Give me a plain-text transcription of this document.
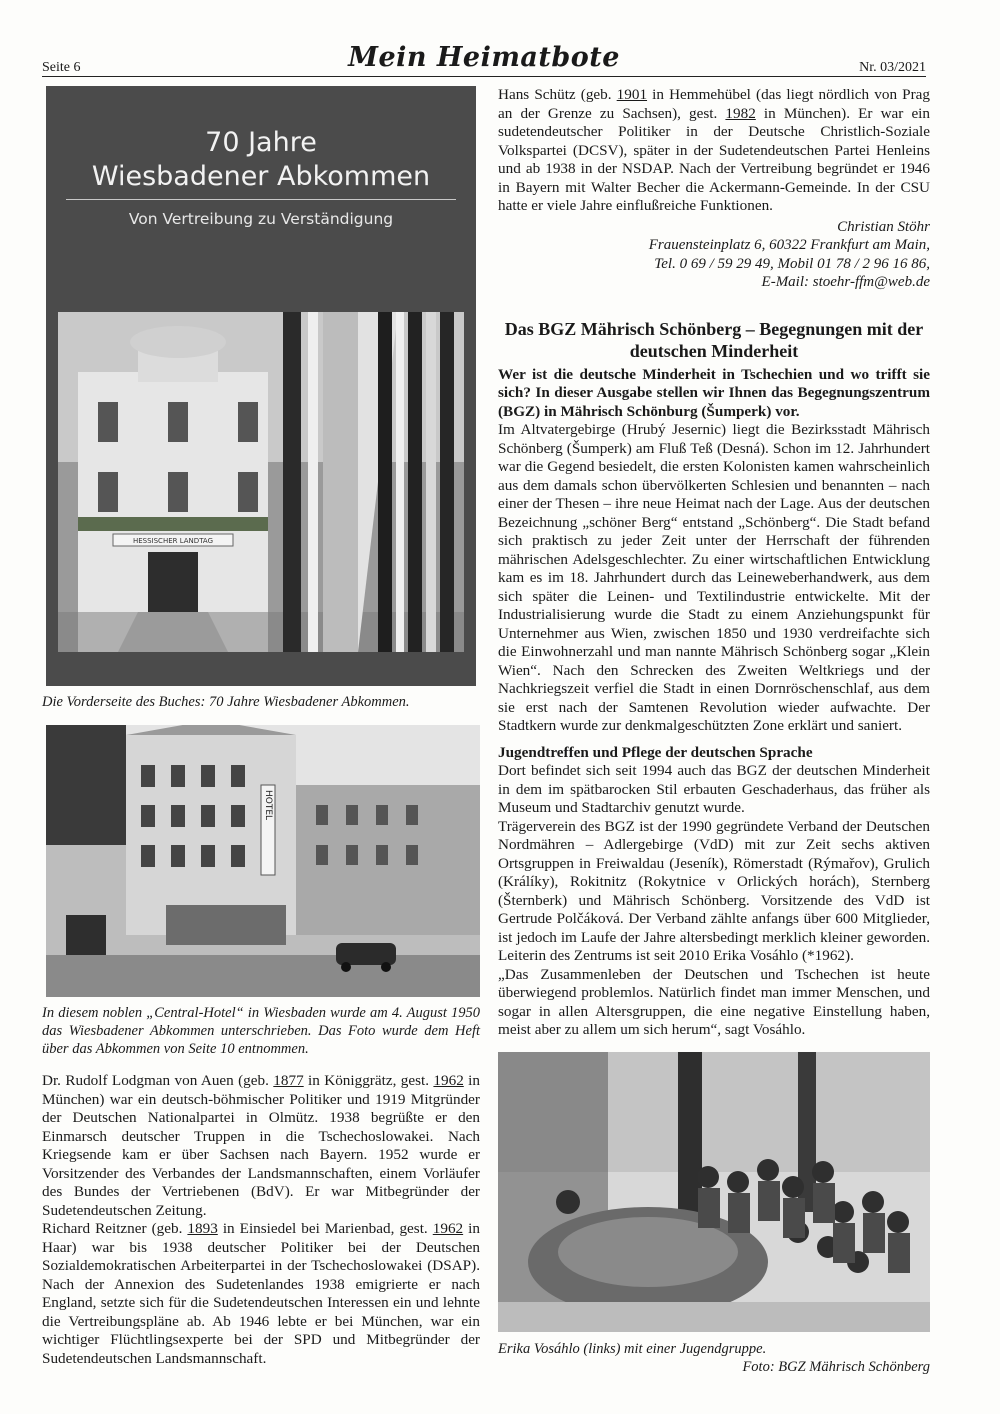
Seite 6	Mein Heimatbote	Nr. 03/2021
70 Jahre
Wiesbadener Abkommen
Von Vertreibung zu Verständigung
HESSISCHER LANDTAG

Die Vorderseite des Buches: 70 Jahre Wiesbadener Abkommen.

HOTEL

In diesem noblen „Central-Hotel“ in Wiesbaden wurde am 4. August 1950 das Wiesbadener Abkommen unterschrieben. Das Foto wurde dem Heft über das Abkommen von Seite 10 entnommen.

Dr. Rudolf Lodgman von Auen (geb. 1877 in Königgrätz, gest. 1962 in München) war ein deutsch-böhmischer Politiker und 1919 Mitgründer der Deutschen Nationalpartei in Olmütz. 1938 begrüßte er den Einmarsch deutscher Truppen in die Tschechoslowakei. Nach Kriegsende kam er über Sachsen nach Bayern. 1952 wurde er Vorsitzender des Verbandes der Landsmannschaften, einem Vorläufer des Bundes der Vertriebenen (BdV). Er war Mitbegründer der Sudetendeutschen Zeitung.

Richard Reitzner (geb. 1893 in Einsiedel bei Marienbad, gest. 1962 in Haar) war bis 1938 deutscher Politiker bei der Deutschen Sozialdemokratischen Arbeiterpartei in der Tschechoslowakei (DSAP). Nach der Annexion des Sudetenlandes 1938 emigrierte er nach England, setzte sich für die Sudetendeutschen Interessen ein und lehnte die Vertreibungspläne ab. Ab 1946 lebte er bei München, war ein wichtiger Flüchtlingsexperte bei der SPD und Mitbegründer der Sudetendeutschen Landsmannschaft.

Hans Schütz (geb. 1901 in Hemmehübel (das liegt nördlich von Prag an der Grenze zu Sachsen), gest. 1982 in München). Er war ein sudetendeutscher Politiker in der Deutsche Christlich-Soziale Volkspartei (DCSV), später in der Sudetendeutschen Partei Henleins und ab 1938 in der NSDAP. Nach der Vertreibung begründet er 1946 in Bayern mit Walter Becher die Ackermann-Gemeinde. In der CSU hatte er viele Jahre einflußreiche Funktionen.

Christian Stöhr

Frauensteinplatz 6, 60322 Frankfurt am Main,

Tel. 0 69 / 59 29 49, Mobil 01 78 / 2 96 16 86,

E-Mail: stoehr-ffm@web.de

Das BGZ Mährisch Schönberg – Begegnungen mit der deutschen Minderheit

Wer ist die deutsche Minderheit in Tschechien und wo trifft sie sich? In dieser Ausgabe stellen wir Ihnen das Begegnungszentrum (BGZ) in Mährisch Schönburg (Šumperk) vor.

Im Altvatergebirge (Hrubý Jesernic) liegt die Bezirksstadt Mährisch Schönberg (Šumperk) am Fluß Teß (Desná). Schon im 12. Jahrhundert war die Gegend besiedelt, die ersten Kolonisten kamen wahrscheinlich aus dem damals schon übervölkerten Schlesien und benannten – nach einer der Thesen – ihre neue Heimat nach der Lage. Aus der deutschen Bezeichnung „schöner Berg“ entstand „Schönberg“. Die Stadt befand sich praktisch zu jeder Zeit unter der Herrschaft der führenden mährischen Adelsgeschlechter. Zu einer wirtschaftlichen Entwicklung kam es im 18. Jahrhundert durch das Leineweberhandwerk, aus dem sich später die Leinen- und Textilindustrie entwickelte. Mit der Industrialisierung wurde die Stadt zu einem Anziehungspunkt für Unternehmer aus Wien, zwischen 1850 und 1930 verdreifachte sich die Einwohnerzahl und man nannte Mährisch Schönberg sogar „Klein Wien“. Nach den Schrecken des Zweiten Weltkriegs und der Nachkriegszeit verfiel die Stadt in einen Dornröschenschlaf, aus dem sie erst nach der Samtenen Revolution wieder aufwachte. Der Stadtkern wurde zur denkmalgeschützten Zone erklärt und saniert.

Jugendtreffen und Pflege der deutschen Sprache

Dort befindet sich seit 1994 auch das BGZ der deutschen Minderheit in dem im spätbarocken Stil erbauten Geschaderhaus, das früher als Museum und Stadtarchiv genutzt wurde.

Trägerverein des BGZ ist der 1990 gegründete Verband der Deutschen Nordmähren – Adlergebirge (VdD) mit zur Zeit sechs aktiven Ortsgruppen in Freiwaldau (Jeseník), Römerstadt (Rýmařov), Grulich (Králíky), Rokitnitz (Rokytnice v Orlických horách), Sternberg (Šternberk) und Mährisch Schönberg. Vorsitzende des VdD ist Gertrude Polčáková. Der Verband zählte anfangs über 600 Mitglieder, ist jedoch im Laufe der Jahre altersbedingt merklich kleiner geworden. Leiterin des Zentrums ist seit 2010 Erika Vosáhlo (*1962).

„Das Zusammenleben der Deutschen und Tschechen ist heute überwiegend problemlos. Natürlich findet man immer Menschen, und sogar in allen Altersgruppen, die eine negative Einstellung haben, meist aber zu allem um sich herum“, sagt Vosáhlo.

Erika Vosáhlo (links) mit einer Jugendgruppe.

Foto: BGZ Mährisch Schönberg
